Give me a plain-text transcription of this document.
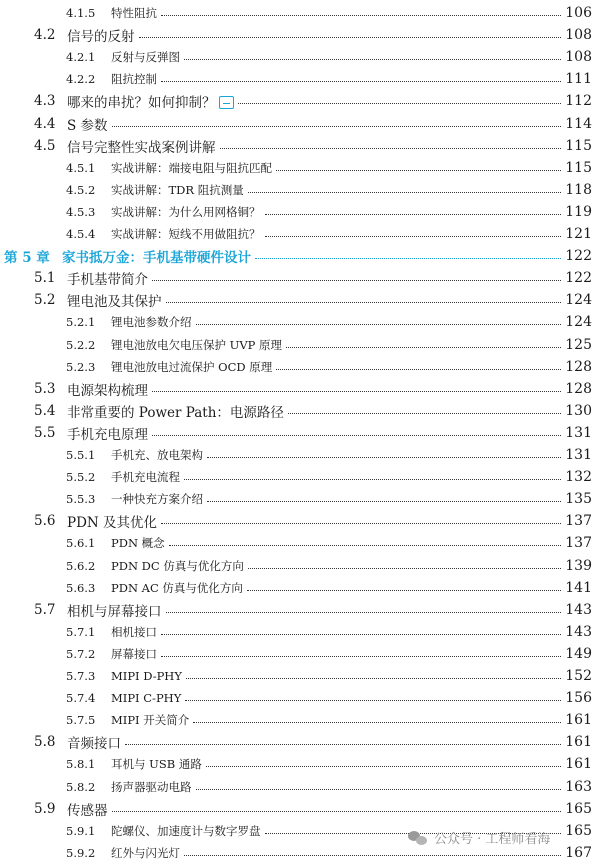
4.1.5 特性阻抗	106
4.2 信号的反射	108
4.2.1 反射与反弹图	108
4.2.2 阻抗控制	111
4.3 哪来的串扰？如何抑制？	112
4.4 S 参数	114
4.5 信号完整性实战案例讲解	115
4.5.1 实战讲解：端接电阻与阻抗匹配	115
4.5.2 实战讲解：TDR 阻抗测量	118
4.5.3 实战讲解：为什么用网格铜？	119
4.5.4 实战讲解：短线不用做阻抗？	121
第 5 章 家书抵万金：手机基带硬件设计	122
5.1 手机基带简介	122
5.2 锂电池及其保护	124
5.2.1 锂电池参数介绍	124
5.2.2 锂电池放电欠电压保护 UVP 原理	125
5.2.3 锂电池放电过流保护 OCD 原理	128
5.3 电源架构梳理	128
5.4 非常重要的 Power Path：电源路径	130
5.5 手机充电原理	131
5.5.1 手机充、放电架构	131
5.5.2 手机充电流程	132
5.5.3 一种快充方案介绍	135
5.6 PDN 及其优化	137
5.6.1 PDN 概念	137
5.6.2 PDN DC 仿真与优化方向	139
5.6.3 PDN AC 仿真与优化方向	141
5.7 相机与屏幕接口	143
5.7.1 相机接口	143
5.7.2 屏幕接口	149
5.7.3 MIPI D-PHY	152
5.7.4 MIPI C-PHY	156
5.7.5 MIPI 开关简介	161
5.8 音频接口	161
5.8.1 耳机与 USB 通路	161
5.8.2 扬声器驱动电路	163
5.9 传感器	165
5.9.1 陀螺仪、加速度计与数字罗盘	165
5.9.2 红外与闪光灯	167
公众号 · 工程师看海
